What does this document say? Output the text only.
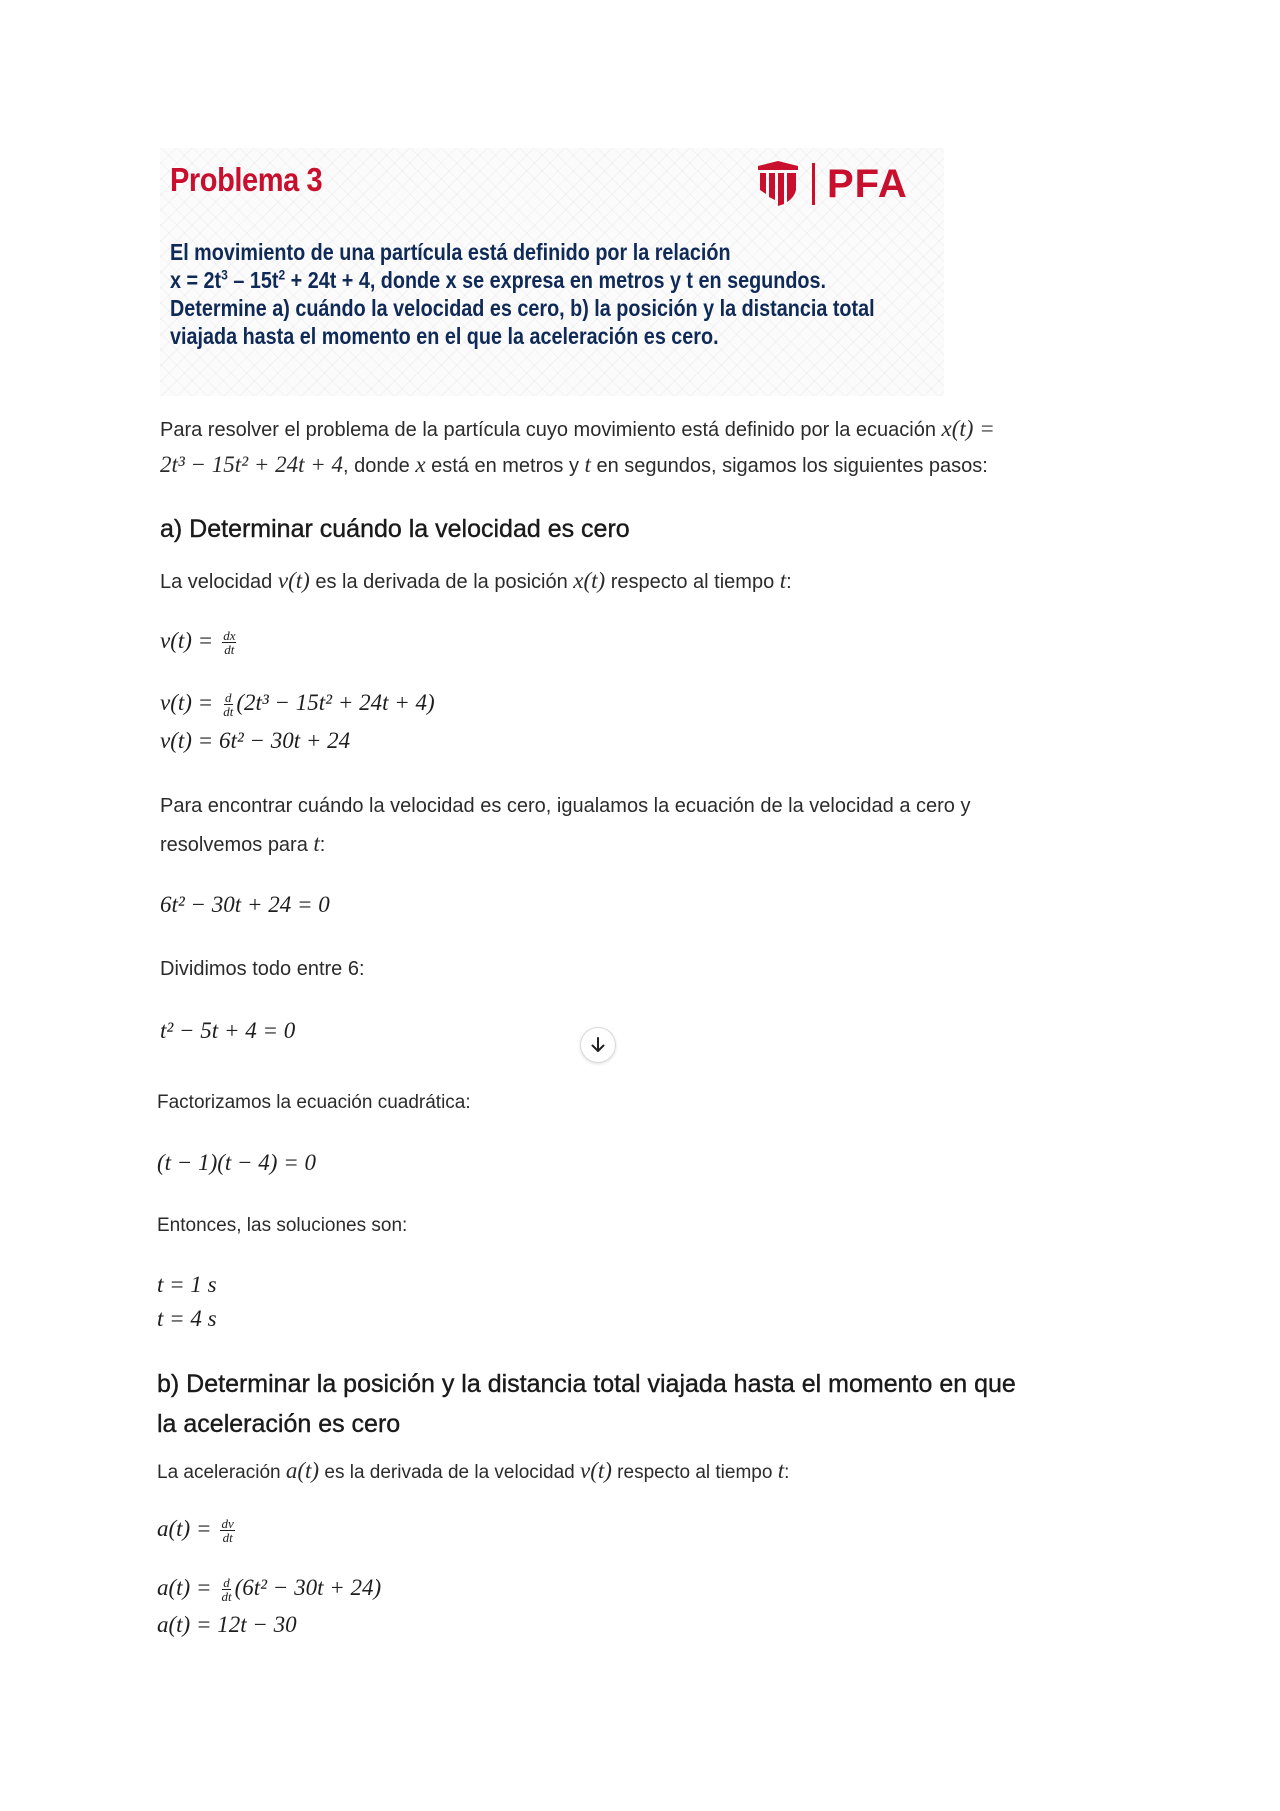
Problema 3	PFA
El movimiento de una partícula está definido por la relación
$x = 2t^3 - 15t^2 + 24t + 4$, donde x se expresa en metros y t en segundos.
Determine a) cuándo la velocidad es cero, b) la posición y la distancia total
viajada hasta el momento en el que la aceleración es cero.
Para resolver el problema de la partícula cuyo movimiento está definido por la ecuación x(t) =
2t³ − 15t² + 24t + 4, donde x está en metros y t en segundos, sigamos los siguientes pasos:
a) Determinar cuándo la velocidad es cero
La velocidad v(t) es la derivada de la posición x(t) respecto al tiempo t:
$v(t) = \frac{dx}{dt}$
$v(t) = \frac{d}{dt} (2t^3 - 15t^2 + 24t + 4)$
v(t) = 6t² − 30t + 24
Para encontrar cuándo la velocidad es cero, igualamos la ecuación de la velocidad a cero y
resolvemos para t:
6t² − 30t + 24 = 0
Dividimos todo entre 6:
t² − 5t + 4 = 0
Factorizamos la ecuación cuadrática:
(t − 1)(t − 4) = 0
Entonces, las soluciones son:
t = 1 s
t = 4 s
b) Determinar la posición y la distancia total viajada hasta el momento en que
la aceleración es cero
La aceleración a(t) es la derivada de la velocidad v(t) respecto al tiempo t:
$a(t) = \frac{dv}{dt}$
$a(t) = \frac{d}{dt} (6t^2 - 30t + 24)$
a(t) = 12t − 30
